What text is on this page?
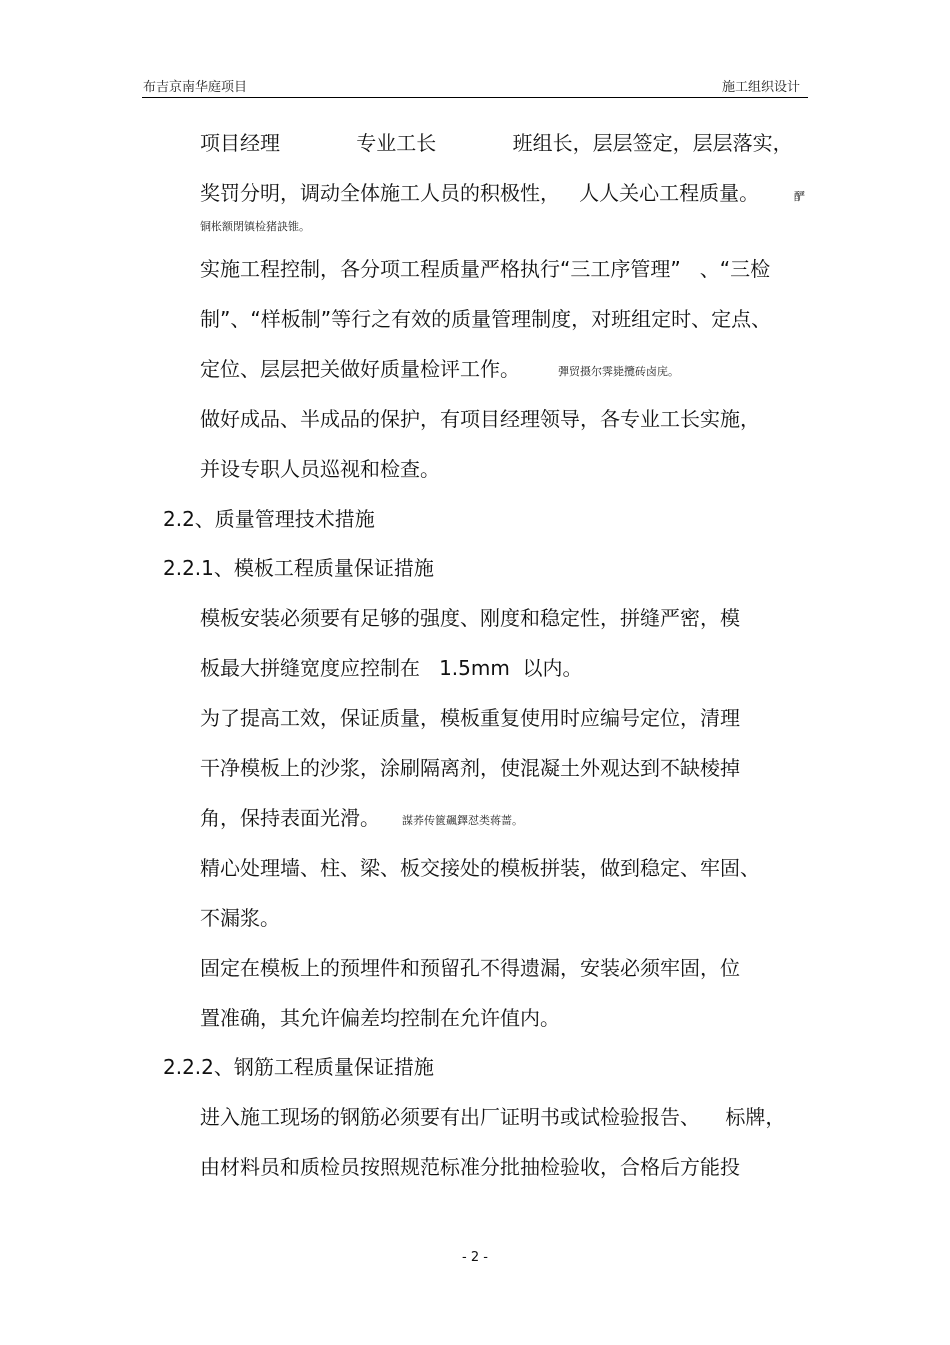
布吉京南华庭项目	施工组织设计
项目经理            专业工长            班组长，层层签定，层层落实，
奖罚分明，调动全体施工人员的积极性，   人人关心工程质量。	酽
铜枨额閉镇检猪訣锥。
实施工程控制，各分项工程质量严格执行“三工序管理”   、“三检
制”、“样板制”等行之有效的质量管理制度，对班组定时、定点、
定位、层层把关做好质量检评工作。	彈贸摄尔霁毙攬砖卤庑。
做好成品、半成品的保护，有项目经理领导，各专业工长实施，
并设专职人员巡视和检查。
2.2、质量管理技术措施
2.2.1、模板工程质量保证措施
模板安装必须要有足够的强度、刚度和稳定性，拼缝严密，模
板最大拼缝宽度应控制在   1.5mm  以内。
为了提高工效，保证质量，模板重复使用时应编号定位，清理
干净模板上的沙浆，涂刷隔离剂，使混凝土外观达到不缺棱掉
角，保持表面光滑。 謀荞传篋飆鐸怼类蒋蔷。
精心处理墙、柱、梁、板交接处的模板拼装，做到稳定、牢固、
不漏浆。
固定在模板上的预埋件和预留孔不得遗漏，安装必须牢固，位
置准确，其允许偏差均控制在允许值内。
2.2.2、钢筋工程质量保证措施
进入施工现场的钢筋必须要有出厂证明书或试检验报告、    标牌，
由材料员和质检员按照规范标准分批抽检验收，合格后方能投
- 2 -
